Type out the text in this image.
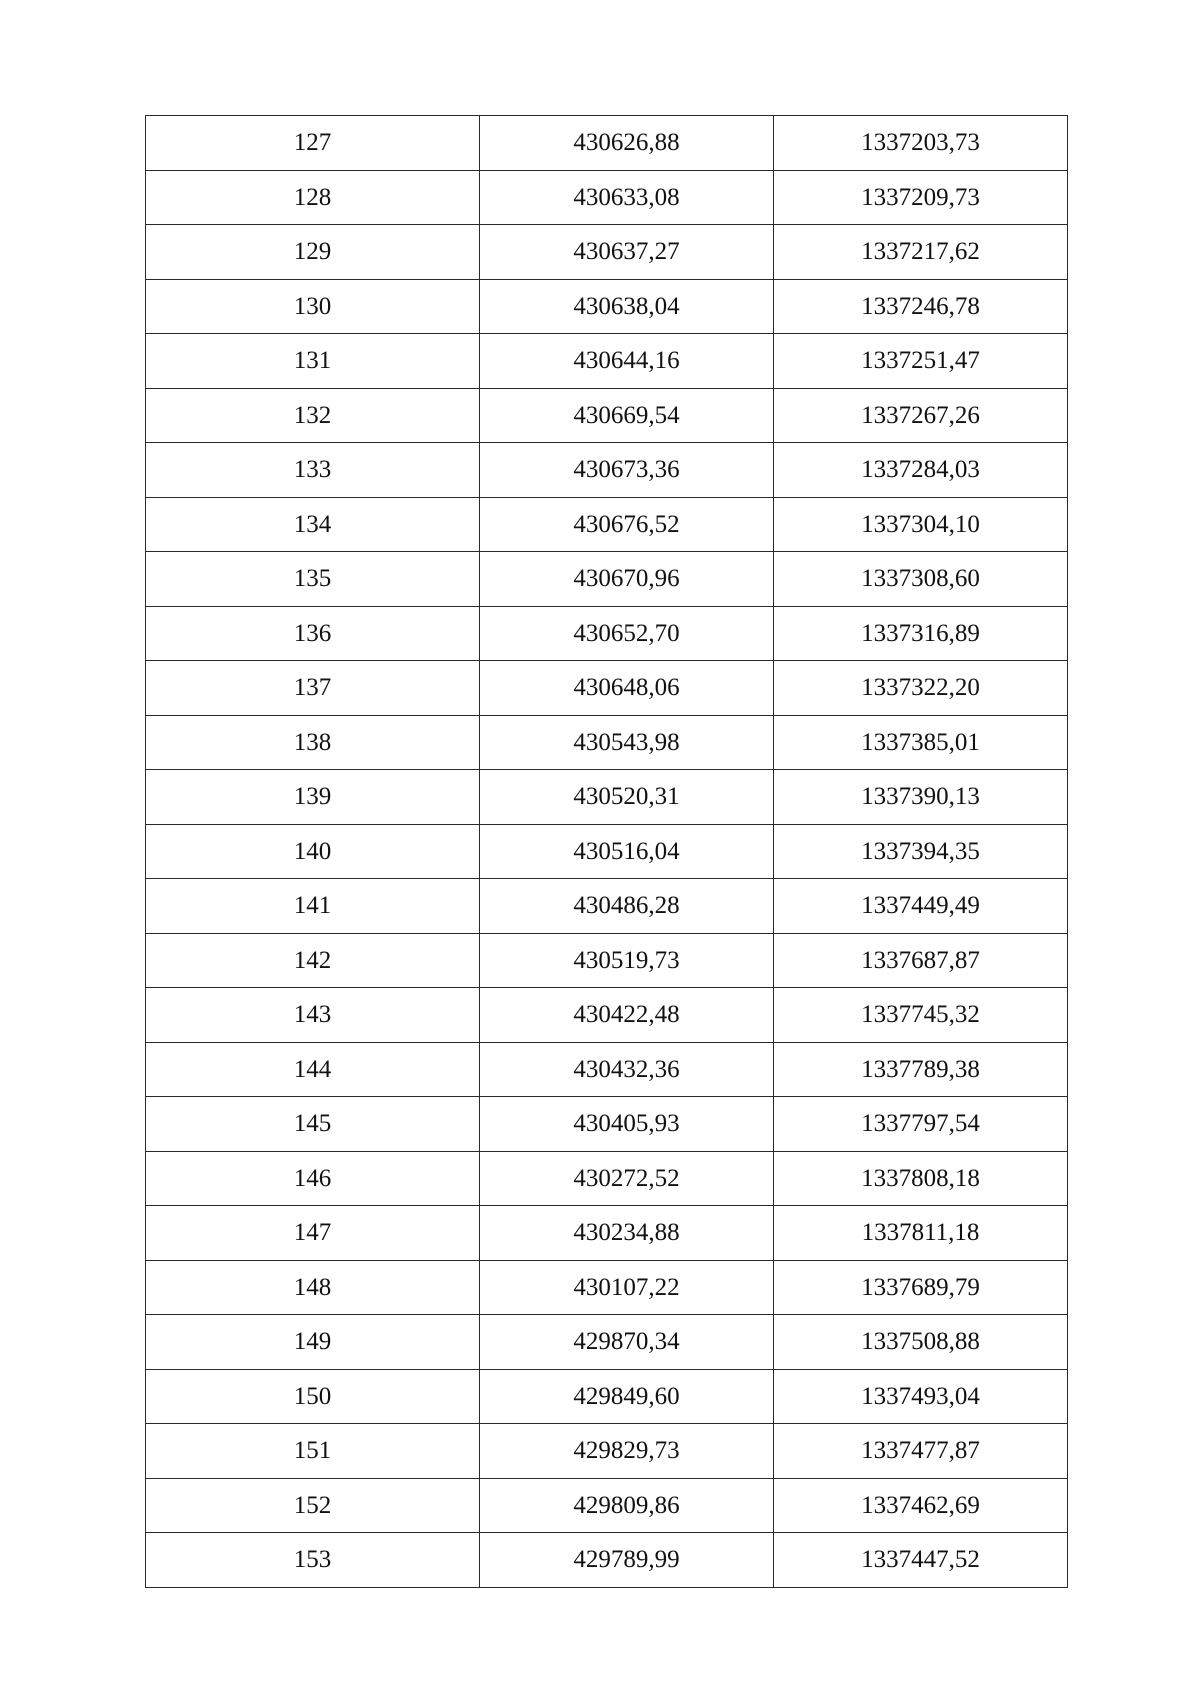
127	430626,88	1337203,73
128	430633,08	1337209,73
129	430637,27	1337217,62
130	430638,04	1337246,78
131	430644,16	1337251,47
132	430669,54	1337267,26
133	430673,36	1337284,03
134	430676,52	1337304,10
135	430670,96	1337308,60
136	430652,70	1337316,89
137	430648,06	1337322,20
138	430543,98	1337385,01
139	430520,31	1337390,13
140	430516,04	1337394,35
141	430486,28	1337449,49
142	430519,73	1337687,87
143	430422,48	1337745,32
144	430432,36	1337789,38
145	430405,93	1337797,54
146	430272,52	1337808,18
147	430234,88	1337811,18
148	430107,22	1337689,79
149	429870,34	1337508,88
150	429849,60	1337493,04
151	429829,73	1337477,87
152	429809,86	1337462,69
153	429789,99	1337447,52
